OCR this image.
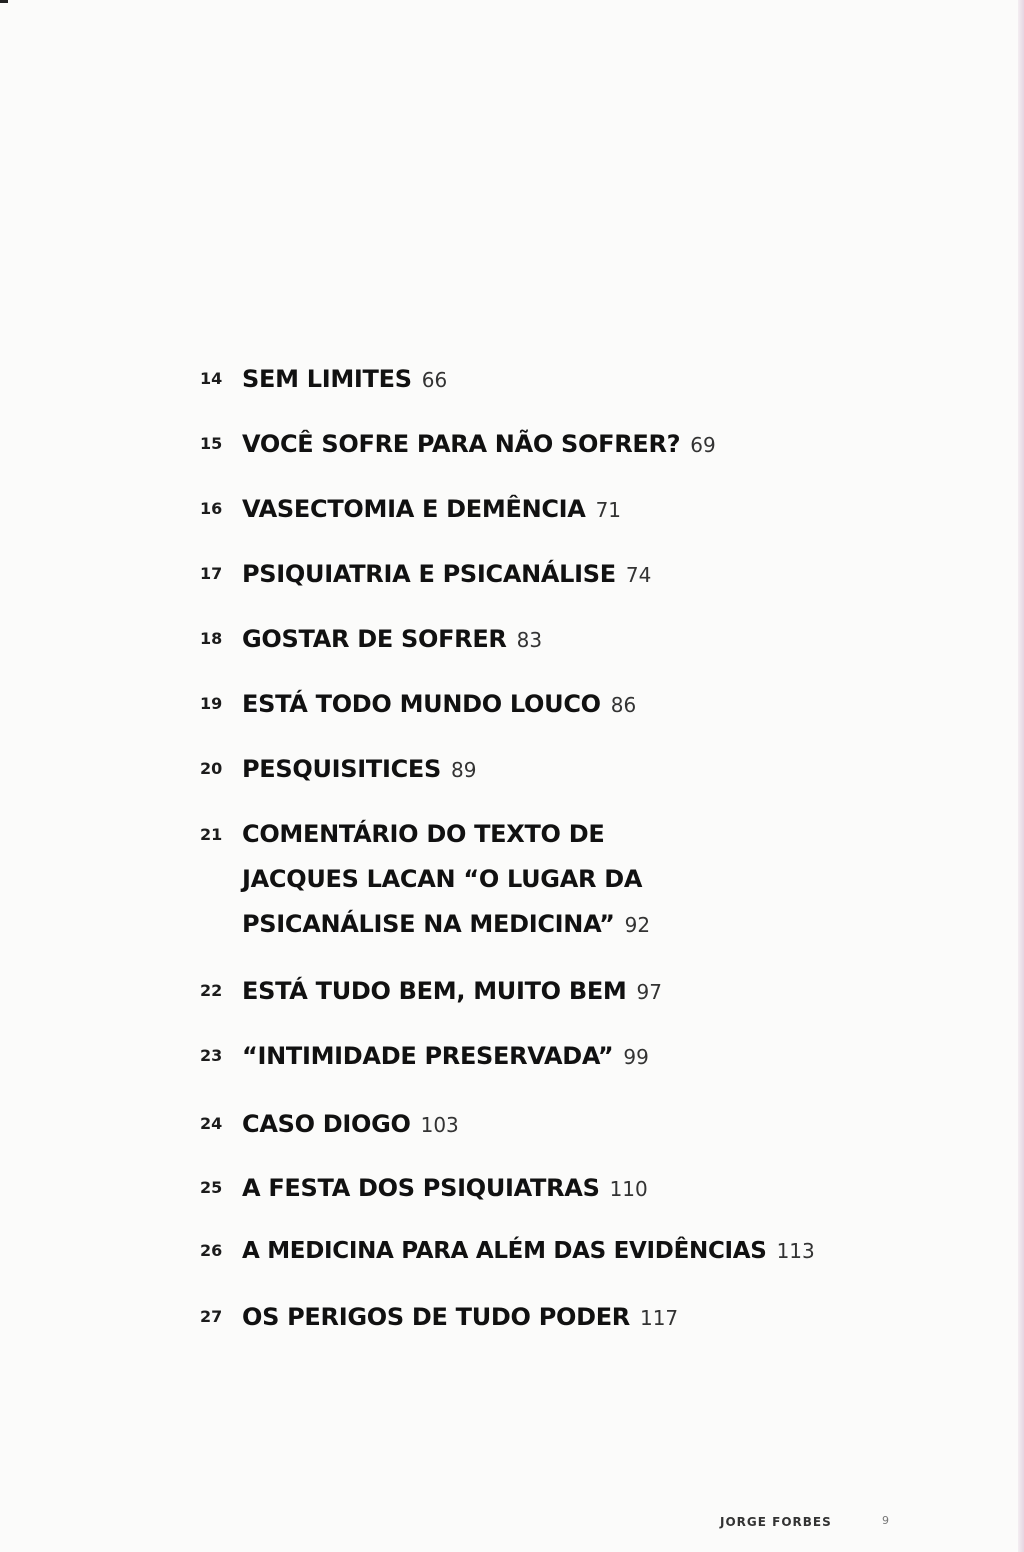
14 SEM LIMITES 66
15 VOCÊ SOFRE PARA NÃO SOFRER? 69
16 VASECTOMIA E DEMÊNCIA 71
17 PSIQUIATRIA E PSICANÁLISE 74
18 GOSTAR DE SOFRER 83
19 ESTÁ TODO MUNDO LOUCO 86
20 PESQUISITICES 89
21 COMENTÁRIO DO TEXTO DE
JACQUES LACAN “O LUGAR DA
PSICANÁLISE NA MEDICINA” 92
22 ESTÁ TUDO BEM, MUITO BEM 97
23 “INTIMIDADE PRESERVADA” 99
24 CASO DIOGO 103
25 A FESTA DOS PSIQUIATRAS 110
26 A MEDICINA PARA ALÉM DAS EVIDÊNCIAS 113
27 OS PERIGOS DE TUDO PODER 117
JORGE FORBES	9
